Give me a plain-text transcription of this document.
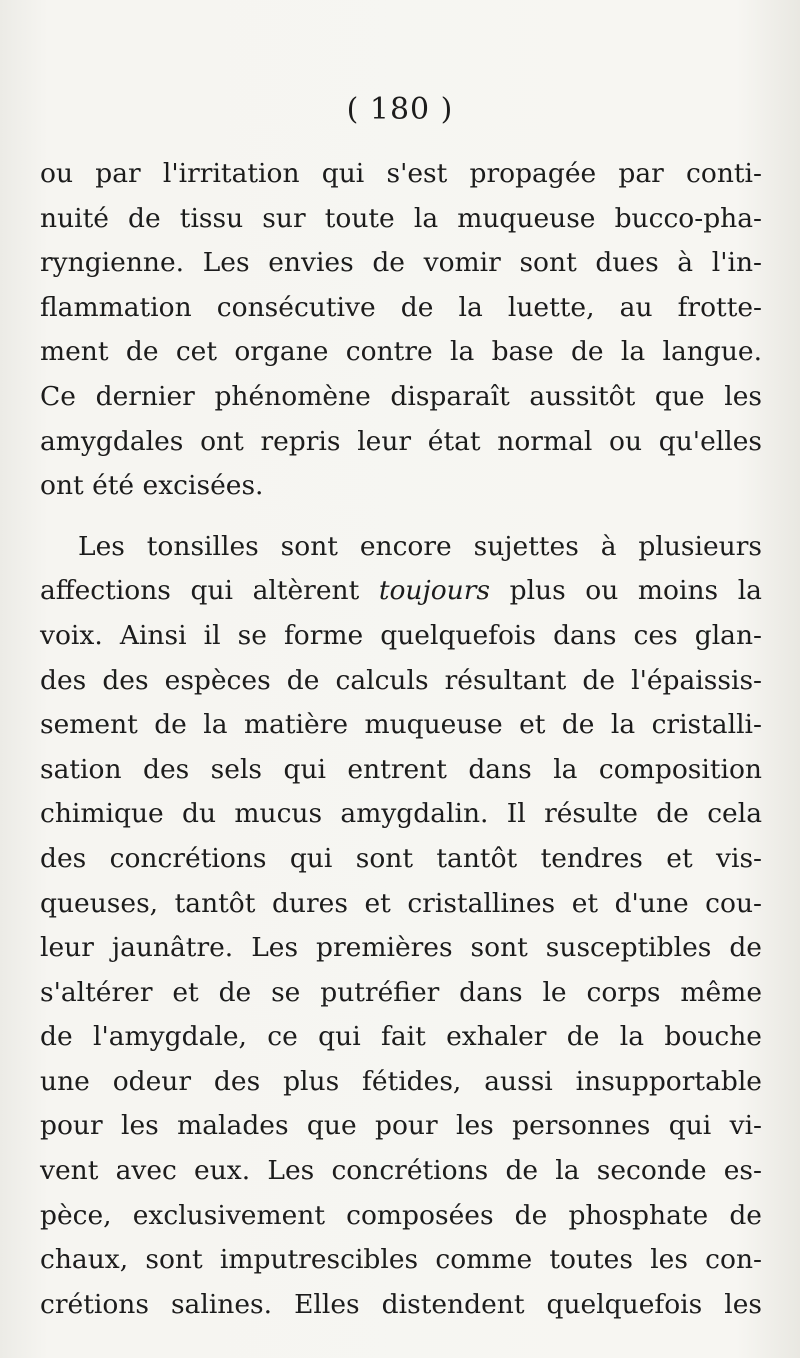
( 180 )
ou par l'irritation qui s'est propagée par conti-
nuité de tissu sur toute la muqueuse bucco-pha-
ryngienne. Les envies de vomir sont dues à l'in-
flammation consécutive de la luette, au frotte-
ment de cet organe contre la base de la langue.
Ce dernier phénomène disparaît aussitôt que les
amygdales ont repris leur état normal ou qu'elles
ont été excisées.
Les tonsilles sont encore sujettes à plusieurs
affections qui altèrent toujours plus ou moins la
voix. Ainsi il se forme quelquefois dans ces glan-
des des espèces de calculs résultant de l'épaissis-
sement de la matière muqueuse et de la cristalli-
sation des sels qui entrent dans la composition
chimique du mucus amygdalin. Il résulte de cela
des concrétions qui sont tantôt tendres et vis-
queuses, tantôt dures et cristallines et d'une cou-
leur jaunâtre. Les premières sont susceptibles de
s'altérer et de se putréfier dans le corps même
de l'amygdale, ce qui fait exhaler de la bouche
une odeur des plus fétides, aussi insupportable
pour les malades que pour les personnes qui vi-
vent avec eux. Les concrétions de la seconde es-
pèce, exclusivement composées de phosphate de
chaux, sont imputrescibles comme toutes les con-
crétions salines. Elles distendent quelquefois les
